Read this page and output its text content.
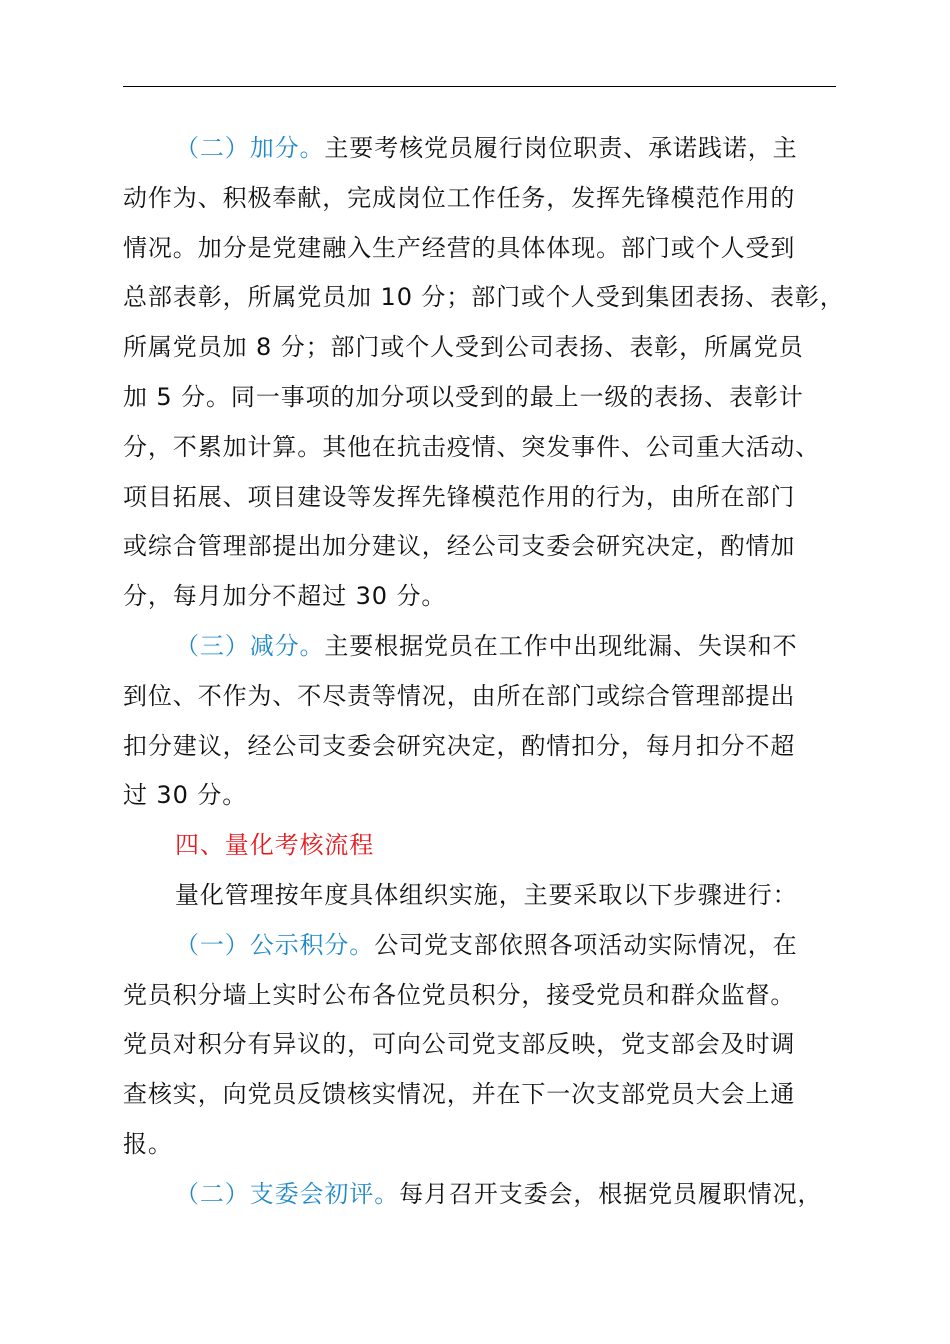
（二）加分。主要考核党员履行岗位职责、承诺践诺，主
动作为、积极奉献，完成岗位工作任务，发挥先锋模范作用的
情况。加分是党建融入生产经营的具体体现。部门或个人受到
总部表彰，所属党员加 10 分；部门或个人受到集团表扬、表彰，
所属党员加 8 分；部门或个人受到公司表扬、表彰，所属党员
加 5 分。同一事项的加分项以受到的最上一级的表扬、表彰计
分，不累加计算。其他在抗击疫情、突发事件、公司重大活动、
项目拓展、项目建设等发挥先锋模范作用的行为，由所在部门
或综合管理部提出加分建议，经公司支委会研究决定，酌情加
分，每月加分不超过 30 分。
（三）减分。主要根据党员在工作中出现纰漏、失误和不
到位、不作为、不尽责等情况，由所在部门或综合管理部提出
扣分建议，经公司支委会研究决定，酌情扣分，每月扣分不超
过 30 分。
四、量化考核流程
量化管理按年度具体组织实施，主要采取以下步骤进行：
（一）公示积分。公司党支部依照各项活动实际情况，在
党员积分墙上实时公布各位党员积分，接受党员和群众监督。
党员对积分有异议的，可向公司党支部反映，党支部会及时调
查核实，向党员反馈核实情况，并在下一次支部党员大会上通
报。
（二）支委会初评。每月召开支委会，根据党员履职情况，
